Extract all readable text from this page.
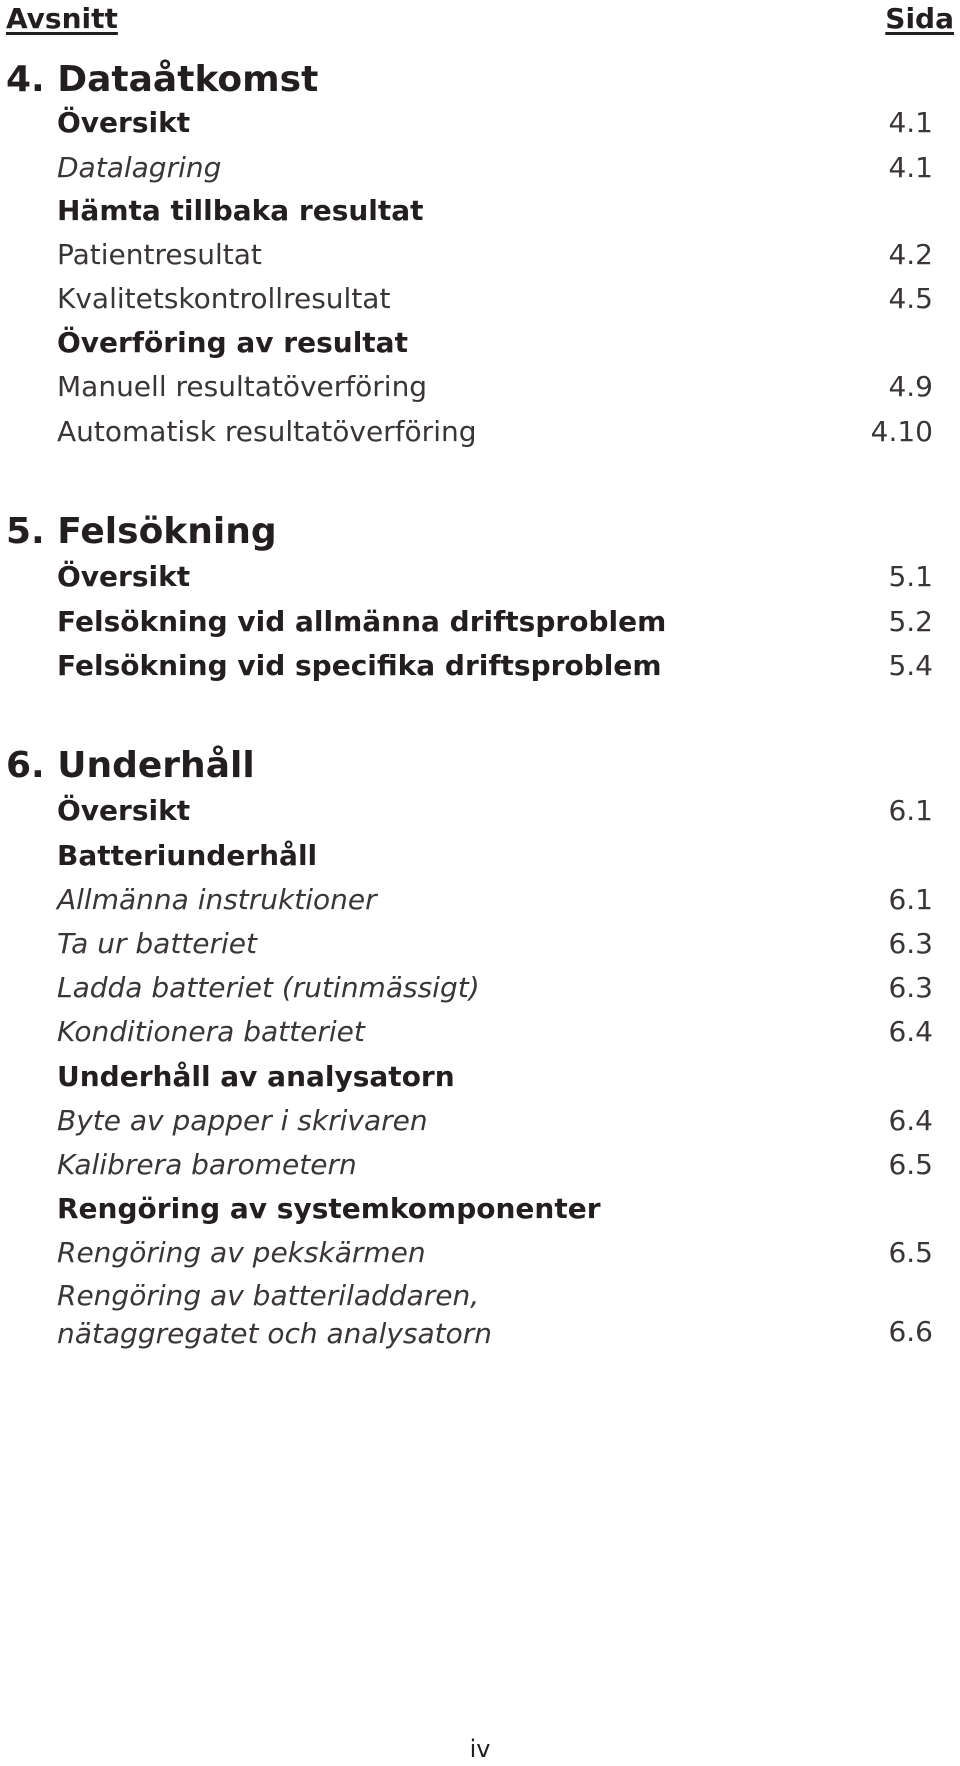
Avsnitt	Sida
4. Dataåtkomst
Översikt	4.1
Datalagring	4.1
Hämta tillbaka resultat
Patientresultat	4.2
Kvalitetskontrollresultat	4.5
Överföring av resultat
Manuell resultatöverföring	4.9
Automatisk resultatöverföring	4.10
5. Felsökning
Översikt	5.1
Felsökning vid allmänna driftsproblem	5.2
Felsökning vid specifika driftsproblem	5.4
6. Underhåll
Översikt	6.1
Batteriunderhåll
Allmänna instruktioner	6.1
Ta ur batteriet	6.3
Ladda batteriet (rutinmässigt)	6.3
Konditionera batteriet	6.4
Underhåll av analysatorn
Byte av papper i skrivaren	6.4
Kalibrera barometern	6.5
Rengöring av systemkomponenter
Rengöring av pekskärmen	6.5
Rengöring av batteriladdaren,
nätaggregatet och analysatorn	6.6
iv
